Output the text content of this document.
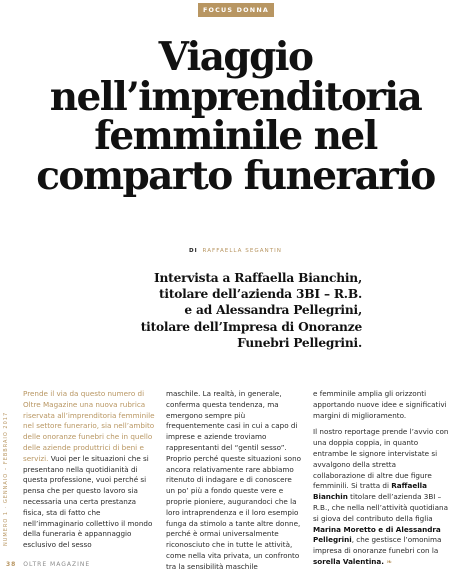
FOCUS DONNA
Viaggio
nell’imprenditoria
femminile nel
comparto funerario
DI RAFFAELLA SEGANTIN
Intervista a Raffaella Bianchin,
titolare dell’azienda 3BI – R.B.
e ad Alessandra Pellegrini,
titolare dell’Impresa di Onoranze
Funebri Pellegrini.
NUMERO 1 · GENNAIO – FEBBRAIO 2017

Prende il via da questo numero di Oltre Magazine una nuova rubrica riservata all’imprenditoria femminile nel settore funerario, sia nell’ambito delle onoranze funebri che in quello delle aziende produttrici di beni e servizi. Vuoi per le situazioni che si presentano nella quotidianità di questa professione, vuoi perché si pensa che per questo lavoro sia necessaria una certa prestanza fisica, sta di fatto che nell’immaginario collettivo il mondo della funeraria è appannaggio esclusivo del sesso

maschile. La realtà, in generale, conferma questa tendenza, ma emergono sempre più frequentemente casi in cui a capo di imprese e aziende troviamo rappresentanti del “gentil sesso”. Proprio perché queste situazioni sono ancora relativamente rare abbiamo ritenuto di indagare e di conoscere un po’ più a fondo queste vere e proprie pioniere, augurandoci che la loro intraprendenza e il loro esempio funga da stimolo a tante altre donne, perché è ormai universalmente riconosciuto che in tutte le attività, come nella vita privata, un confronto tra la sensibilità maschile

e femminile amplia gli orizzonti apportando nuove idee e significativi margini di miglioramento.

Il nostro reportage prende l’avvio con una doppia coppia, in quanto entrambe le signore intervistate si avvalgono della stretta collaborazione di altre due figure femminili. Si tratta di Raffaella Bianchin titolare dell’azienda 3BI – R.B., che nella nell’attività quotidiana si giova del contributo della figlia Marina Moretto e di Alessandra Pellegrini, che gestisce l’omonima impresa di onoranze funebri con la sorella Valentina. ❧

38 OLTRE MAGAZINE
